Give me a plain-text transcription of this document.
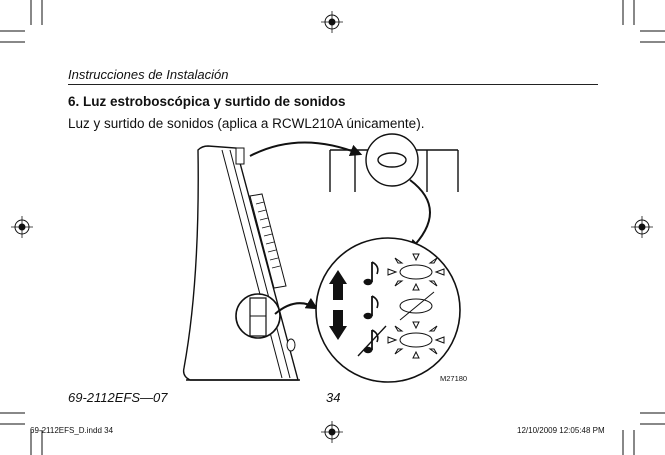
Instrucciones de Instalación
6. Luz estroboscópica y surtido de sonidos
Luz y surtido de sonidos (aplica a RCWL210A únicamente).
M27180
69-2112EFS—07	34
69-2112EFS_D.indd 34	12/10/2009 12:05:48 PM
